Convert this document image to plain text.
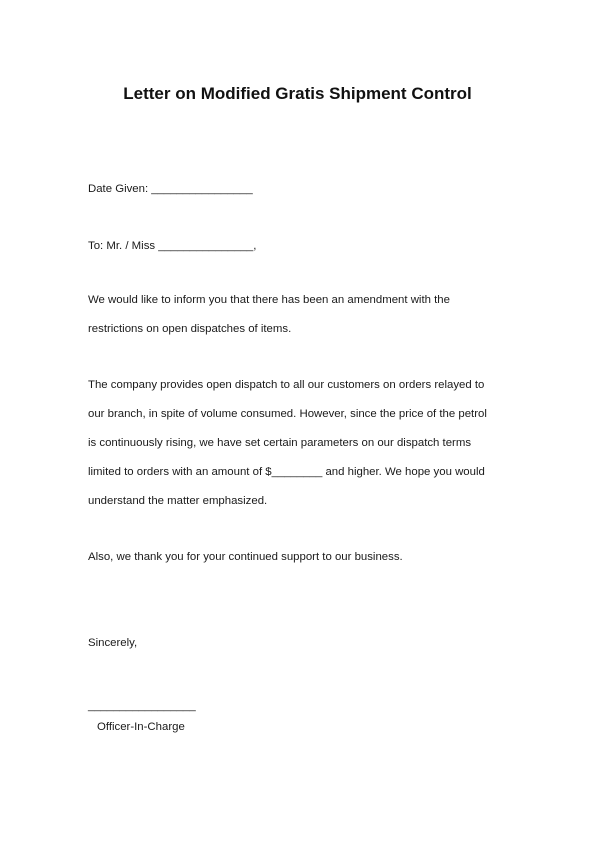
Letter on Modified Gratis Shipment Control
Date Given: ________________
To: Mr. / Miss _______________,

We would like to inform you that there has been an amendment with the
restrictions on open dispatches of items.

The company provides open dispatch to all our customers on orders relayed to
our branch, in spite of volume consumed. However, since the price of the petrol
is continuously rising, we have set certain parameters on our dispatch terms
limited to orders with an amount of $________ and higher. We hope you would
understand the matter emphasized.

Also, we thank you for your continued support to our business.
Sincerely,
_________________
Officer-In-Charge
